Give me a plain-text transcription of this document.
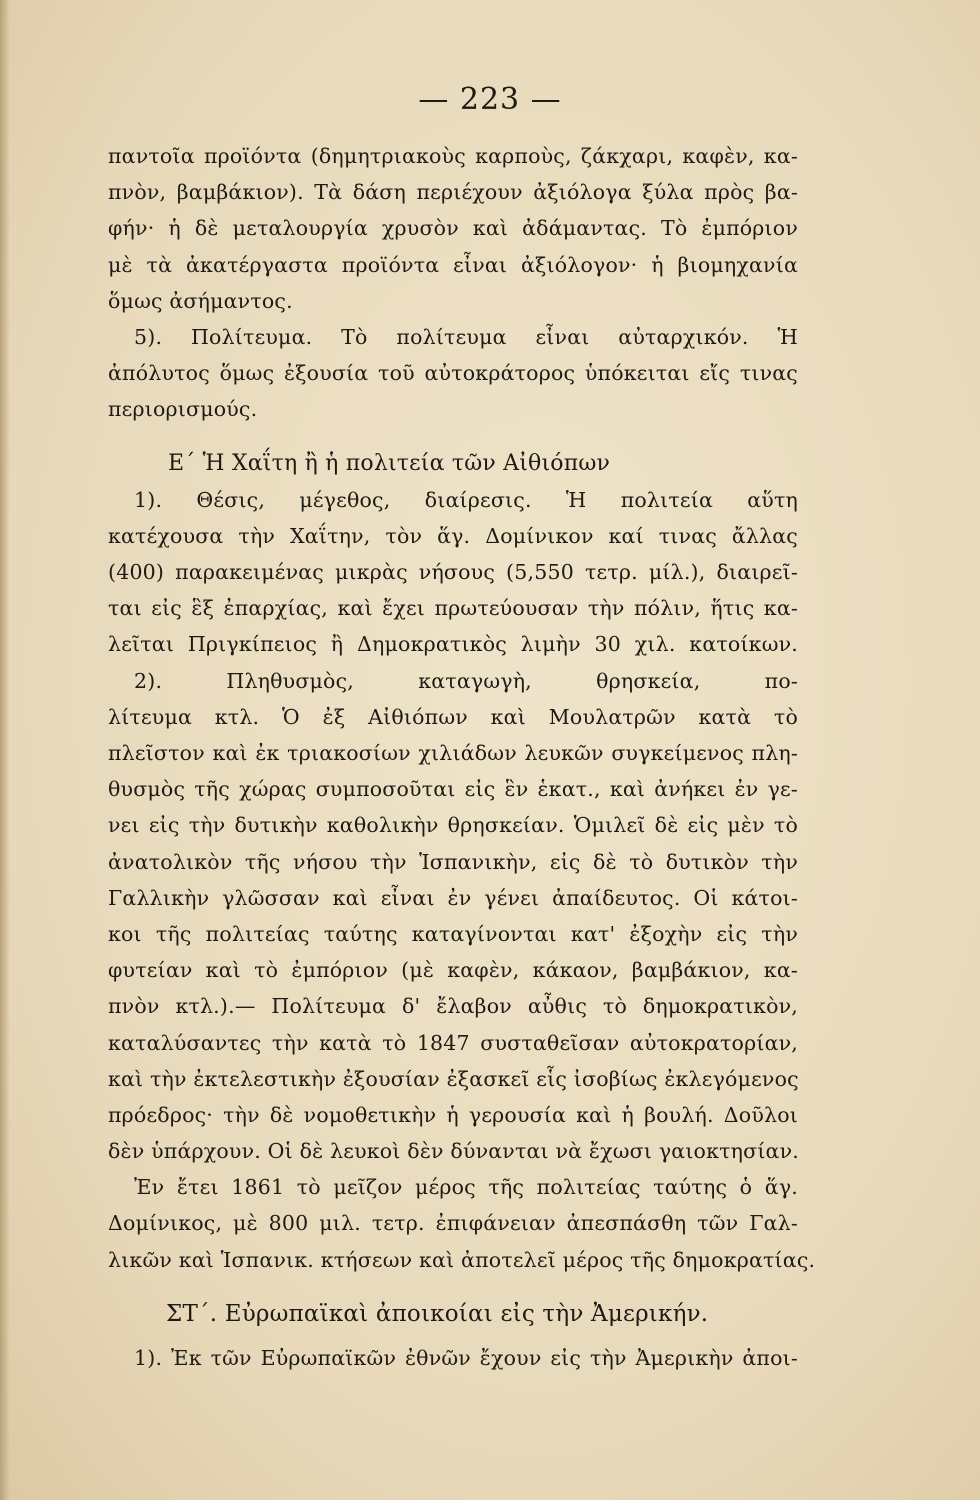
— 223 —
παντοῖα προϊόντα (δημητριακοὺς καρποὺς, ζάκχαρι, καφὲν, κα-
πνὸν, βαμβάκιον). Τὰ δάση περιέχουν ἀξιόλογα ξύλα πρὸς βα-
φήν· ἡ δὲ μεταλουργία χρυσὸν καὶ ἀδάμαντας. Τὸ ἐμπόριον
μὲ τὰ ἀκατέργαστα προϊόντα εἶναι ἀξιόλογον· ἡ βιομηχανία
ὅμως ἀσήμαντος.
5). Πολίτευμα. Τὸ πολίτευμα εἶναι αὐταρχικόν. Ἡ
ἀπόλυτος ὅμως ἐξουσία τοῦ αὐτοκράτορος ὑπόκειται εἴς τινας
περιορισμούς.
Ε΄ Ἡ Χαΐτη ἢ ἡ πολιτεία τῶν Αἰθιόπων
1). Θέσις, μέγεθος, διαίρεσις. Ἡ πολιτεία αὕτη
κατέχουσα τὴν Χαΐτην, τὸν ἅγ. Δομίνικον καί τινας ἄλλας
(400) παρακειμένας μικρὰς νήσους (5,550 τετρ. μίλ.), διαιρεῖ-
ται εἰς ἓξ ἐπαρχίας, καὶ ἔχει πρωτεύουσαν τὴν πόλιν, ἥτις κα-
λεῖται Πριγκίπειος ἢ Δημοκρατικὸς λιμὴν 30 χιλ. κατοίκων.
2). Πληθυσμὸς, καταγωγὴ, θρησκεία, πο-
λίτευμα κτλ. Ὁ ἐξ Αἰθιόπων καὶ Μουλατρῶν κατὰ τὸ
πλεῖστον καὶ ἐκ τριακοσίων χιλιάδων λευκῶν συγκείμενος πλη-
θυσμὸς τῆς χώρας συμποσοῦται εἰς ἓν ἑκατ., καὶ ἀνήκει ἐν γε-
νει εἰς τὴν δυτικὴν καθολικὴν θρησκείαν. Ὁμιλεῖ δὲ εἰς μὲν τὸ
ἀνατολικὸν τῆς νήσου τὴν Ἱσπανικὴν, εἰς δὲ τὸ δυτικὸν τὴν
Γαλλικὴν γλῶσσαν καὶ εἶναι ἐν γένει ἀπαίδευτος. Οἱ κάτοι-
κοι τῆς πολιτείας ταύτης καταγίνονται κατ' ἐξοχὴν εἰς τὴν
φυτείαν καὶ τὸ ἐμπόριον (μὲ καφὲν, κάκαον, βαμβάκιον, κα-
πνὸν κτλ.).— Πολίτευμα δ' ἔλαβον αὖθις τὸ δημοκρατικὸν,
καταλύσαντες τὴν κατὰ τὸ 1847 συσταθεῖσαν αὐτοκρατορίαν,
καὶ τὴν ἐκτελεστικὴν ἐξουσίαν ἐξασκεῖ εἷς ἰσοβίως ἐκλεγόμενος
πρόεδρος· τὴν δὲ νομοθετικὴν ἡ γερουσία καὶ ἡ βουλή. Δοῦλοι
δὲν ὑπάρχουν. Οἱ δὲ λευκοὶ δὲν δύνανται νὰ ἔχωσι γαιοκτησίαν.
Ἐν ἔτει 1861 τὸ μεῖζον μέρος τῆς πολιτείας ταύτης ὁ ἅγ.
Δομίνικος, μὲ 800 μιλ. τετρ. ἐπιφάνειαν ἀπεσπάσθη τῶν Γαλ-
λικῶν καὶ Ἱσπανικ. κτήσεων καὶ ἀποτελεῖ μέρος τῆς δημοκρατίας.
ΣΤ΄. Εὐρωπαϊκαὶ ἀποικοίαι εἰς τὴν Ἀμερικήν.
1). Ἐκ τῶν Εὐρωπαϊκῶν ἐθνῶν ἔχουν εἰς τὴν Ἀμερικὴν ἀποι-
